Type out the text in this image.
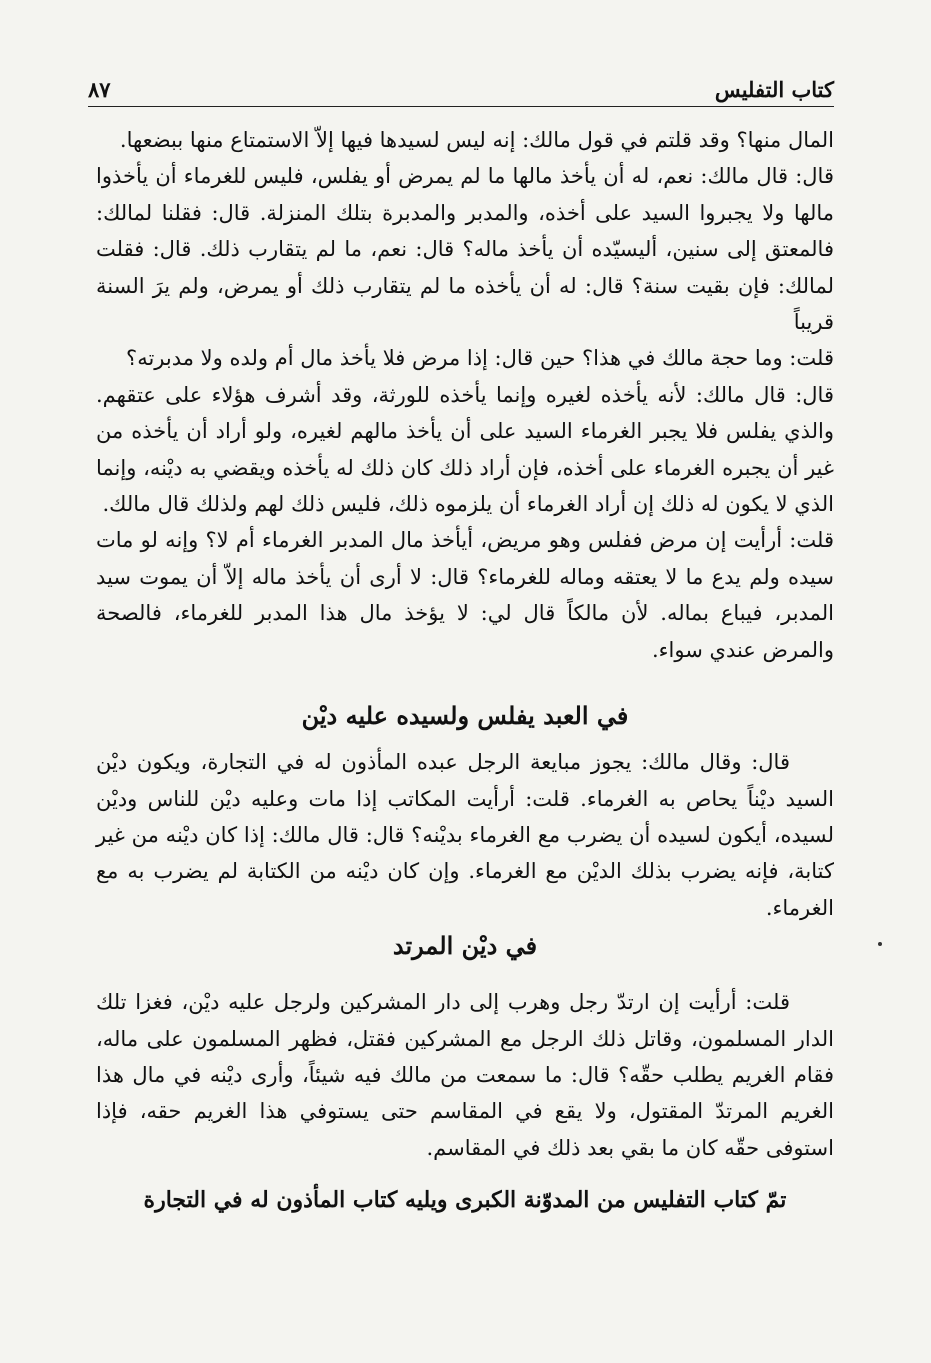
كتاب التفليس
٨٧

المال منها؟ وقد قلتم في قول مالك: إنه ليس لسيدها فيها إلاّ الاستمتاع منها ببضعها.

قال: قال مالك: نعم، له أن يأخذ مالها ما لم يمرض أو يفلس، فليس للغرماء أن يأخذوا مالها ولا يجبروا السيد على أخذه، والمدبر والمدبرة بتلك المنزلة. قال: فقلنا لمالك: فالمعتق إلى سنين، أليسيّده أن يأخذ ماله؟ قال: نعم، ما لم يتقارب ذلك. قال: فقلت لمالك: فإن بقيت سنة؟ قال: له أن يأخذه ما لم يتقارب ذلك أو يمرض، ولم يرَ السنة قريباً

قلت: وما حجة مالك في هذا؟ حين قال: إذا مرض فلا يأخذ مال أم ولده ولا مدبرته؟

قال: قال مالك: لأنه يأخذه لغيره وإنما يأخذه للورثة، وقد أشرف هؤلاء على عتقهم. والذي يفلس فلا يجبر الغرماء السيد على أن يأخذ مالهم لغيره، ولو أراد أن يأخذه من غير أن يجبره الغرماء على أخذه، فإن أراد ذلك كان ذلك له يأخذه ويقضي به ديْنه، وإنما الذي لا يكون له ذلك إن أراد الغرماء أن يلزموه ذلك، فليس ذلك لهم ولذلك قال مالك.

قلت: أرأيت إن مرض ففلس وهو مريض، أيأخذ مال المدبر الغرماء أم لا؟ وإنه لو مات سيده ولم يدع ما لا يعتقه وماله للغرماء؟ قال: لا أرى أن يأخذ ماله إلاّ أن يموت سيد المدبر، فيباع بماله. لأن مالكاً قال لي: لا يؤخذ مال هذا المدبر للغرماء، فالصحة والمرض عندي سواء.

في العبد يفلس ولسيده عليه ديْن

قال: وقال مالك: يجوز مبايعة الرجل عبده المأذون له في التجارة، ويكون ديْن السيد ديْناً يحاص به الغرماء. قلت: أرأيت المكاتب إذا مات وعليه ديْن للناس وديْن لسيده، أيكون لسيده أن يضرب مع الغرماء بديْنه؟ قال: قال مالك: إذا كان ديْنه من غير كتابة، فإنه يضرب بذلك الديْن مع الغرماء. وإن كان ديْنه من الكتابة لم يضرب به مع الغرماء.

في ديْن المرتد

قلت: أرأيت إن ارتدّ رجل وهرب إلى دار المشركين ولرجل عليه ديْن، فغزا تلك الدار المسلمون، وقاتل ذلك الرجل مع المشركين فقتل، فظهر المسلمون على ماله، فقام الغريم يطلب حقّه؟ قال: ما سمعت من مالك فيه شيئاً، وأرى ديْنه في مال هذا الغريم المرتدّ المقتول، ولا يقع في المقاسم حتى يستوفي هذا الغريم حقه، فإذا استوفى حقّه كان ما بقي بعد ذلك في المقاسم.

تمّ كتاب التفليس من المدوّنة الكبرى ويليه كتاب المأذون له في التجارة
